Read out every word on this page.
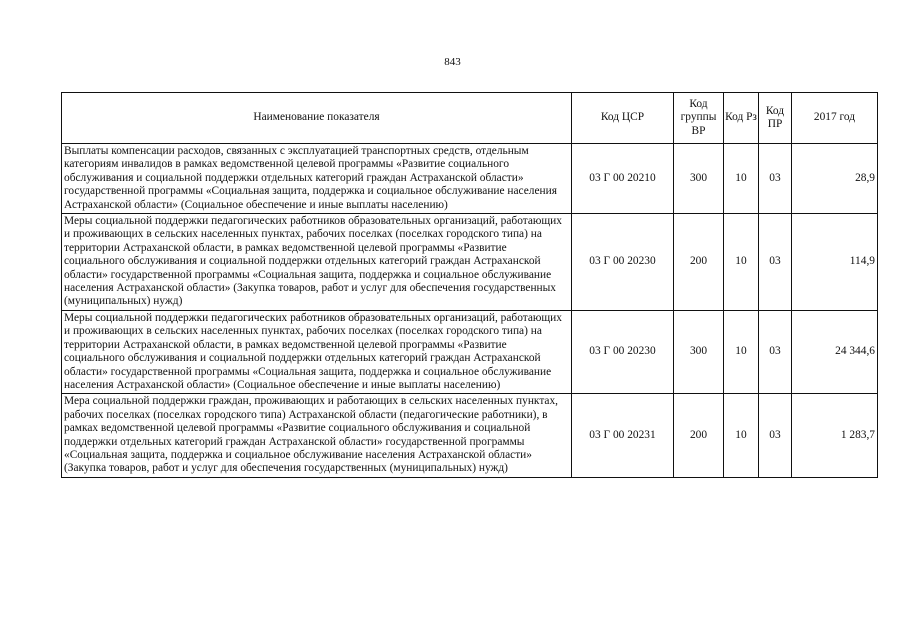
843
Наименование показателя	Код ЦСР	Код группы ВР	Код Рз	Код ПР	2017 год
Выплаты компенсации расходов, связанных с эксплуатацией транспортных средств, отдельным категориям инвалидов в рамках ведомственной целевой программы «Развитие социального обслуживания и социальной поддержки отдельных категорий граждан Астраханской области» государственной программы «Социальная защита, поддержка и социальное обслуживание населения Астраханской области» (Социальное обеспечение и иные выплаты населению)	03 Г 00 20210	300	10	03	28,9
Меры социальной поддержки педагогических работников образовательных организаций, работающих и проживающих в сельских населенных пунктах, рабочих поселках (поселках городского типа) на территории Астраханской области, в рамках ведомственной целевой программы «Развитие социального обслуживания и социальной поддержки отдельных категорий граждан Астраханской области» государственной программы «Социальная защита, поддержка и социальное обслуживание населения Астраханской области» (Закупка товаров, работ и услуг для обеспечения государственных (муниципальных) нужд)	03 Г 00 20230	200	10	03	114,9
Меры социальной поддержки педагогических работников образовательных организаций, работающих и проживающих в сельских населенных пунктах, рабочих поселках (поселках городского типа) на территории Астраханской области, в рамках ведомственной целевой программы «Развитие социального обслуживания и социальной поддержки отдельных категорий граждан Астраханской области» государственной программы «Социальная защита, поддержка и социальное обслуживание населения Астраханской области» (Социальное обеспечение и иные выплаты населению)	03 Г 00 20230	300	10	03	24 344,6
Мера социальной поддержки граждан, проживающих и работающих в сельских населенных пунктах, рабочих поселках (поселках городского типа) Астраханской области (педагогические работники), в рамках ведомственной целевой программы «Развитие социального обслуживания и социальной поддержки отдельных категорий граждан Астраханской области» государственной программы «Социальная защита, поддержка и социальное обслуживание населения Астраханской области» (Закупка товаров, работ и услуг для обеспечения государственных (муниципальных) нужд)	03 Г 00 20231	200	10	03	1 283,7
